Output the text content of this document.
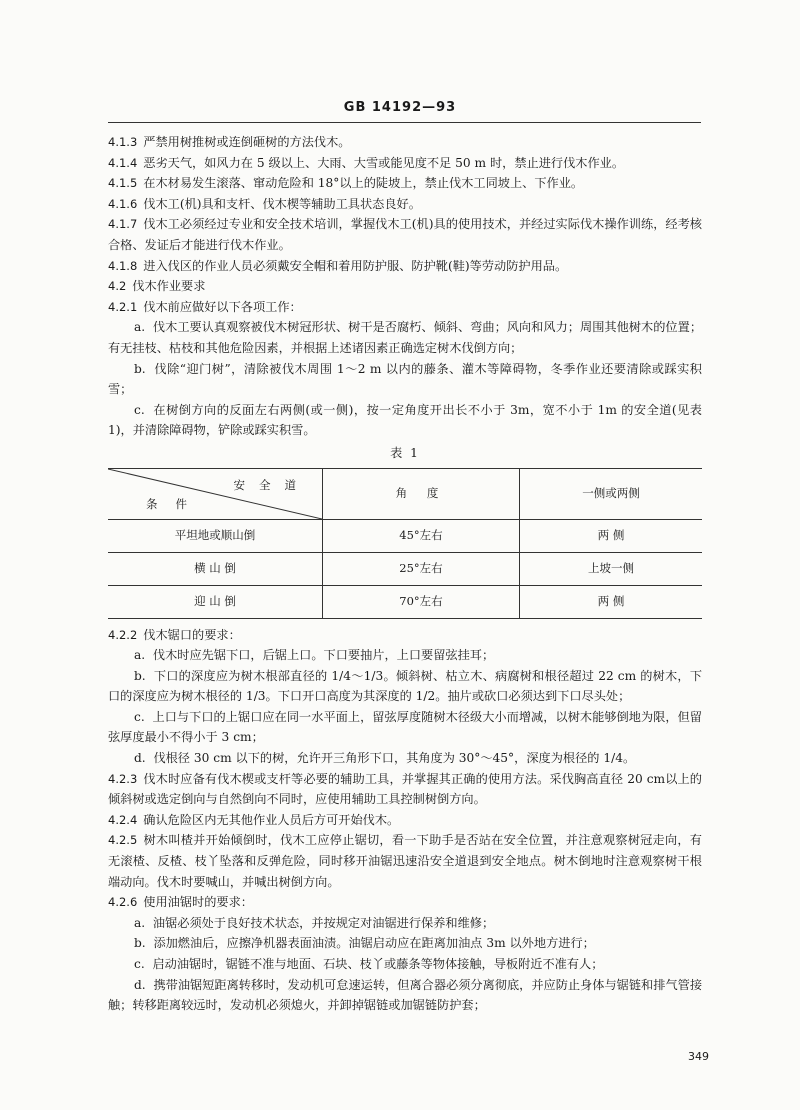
GB 14192—93

4.1.3 严禁用树推树或连倒砸树的方法伐木。

4.1.4 恶劣天气，如风力在 5 级以上、大雨、大雪或能见度不足 50 m 时，禁止进行伐木作业。

4.1.5 在木材易发生滚落、窜动危险和 18°以上的陡坡上，禁止伐木工同坡上、下作业。

4.1.6 伐木工(机)具和支杆、伐木楔等辅助工具状态良好。

4.1.7 伐木工必须经过专业和安全技术培训，掌握伐木工(机)具的使用技术，并经过实际伐木操作训练，经考核合格、发证后才能进行伐木作业。

4.1.8 进入伐区的作业人员必须戴安全帽和着用防护服、防护靴(鞋)等劳动防护用品。

4.2 伐木作业要求

4.2.1 伐木前应做好以下各项工作：

a. 伐木工要认真观察被伐木树冠形状、树干是否腐朽、倾斜、弯曲；风向和风力；周围其他树木的位置；有无挂枝、枯枝和其他危险因素，并根据上述诸因素正确选定树木伐倒方向；

b. 伐除“迎门树”，清除被伐木周围 1～2 m 以内的藤条、灌木等障碍物，冬季作业还要清除或踩实积雪；

c. 在树倒方向的反面左右两侧(或一侧)，按一定角度开出长不小于 3m，宽不小于 1m 的安全道(见表 1)，并清除障碍物，铲除或踩实积雪。

表 1
安全道
条件	角 度	一侧或两侧
平坦地或顺山倒	45°左右	两 侧
横 山 倒	25°左右	上坡一侧
迎 山 倒	70°左右	两 侧

4.2.2 伐木锯口的要求：

a. 伐木时应先锯下口，后锯上口。下口要抽片，上口要留弦挂耳；

b. 下口的深度应为树木根部直径的 1/4～1/3。倾斜树、枯立木、病腐树和根径超过 22 cm 的树木，下口的深度应为树木根径的 1/3。下口开口高度为其深度的 1/2。抽片或砍口必须达到下口尽头处；

c. 上口与下口的上锯口应在同一水平面上，留弦厚度随树木径级大小而增减，以树木能够倒地为限，但留弦厚度最小不得小于 3 cm；

d. 伐根径 30 cm 以下的树，允许开三角形下口，其角度为 30°～45°，深度为根径的 1/4。

4.2.3 伐木时应备有伐木楔或支杆等必要的辅助工具，并掌握其正确的使用方法。采伐胸高直径 20 cm以上的倾斜树或选定倒向与自然倒向不同时，应使用辅助工具控制树倒方向。

4.2.4 确认危险区内无其他作业人员后方可开始伐木。

4.2.5 树木叫楂并开始倾倒时，伐木工应停止锯切，看一下助手是否站在安全位置，并注意观察树冠走向，有无滚楂、反楂、枝丫坠落和反弹危险，同时移开油锯迅速沿安全道退到安全地点。树木倒地时注意观察树干根端动向。伐木时要喊山，并喊出树倒方向。

4.2.6 使用油锯时的要求：

a. 油锯必须处于良好技术状态，并按规定对油锯进行保养和维修；

b. 添加燃油后，应擦净机器表面油渍。油锯启动应在距离加油点 3m 以外地方进行；

c. 启动油锯时，锯链不准与地面、石块、枝丫或藤条等物体接触，导板附近不准有人；

d. 携带油锯短距离转移时，发动机可怠速运转，但离合器必须分离彻底，并应防止身体与锯链和排气管接触；转移距离较远时，发动机必须熄火，并卸掉锯链或加锯链防护套；

349
